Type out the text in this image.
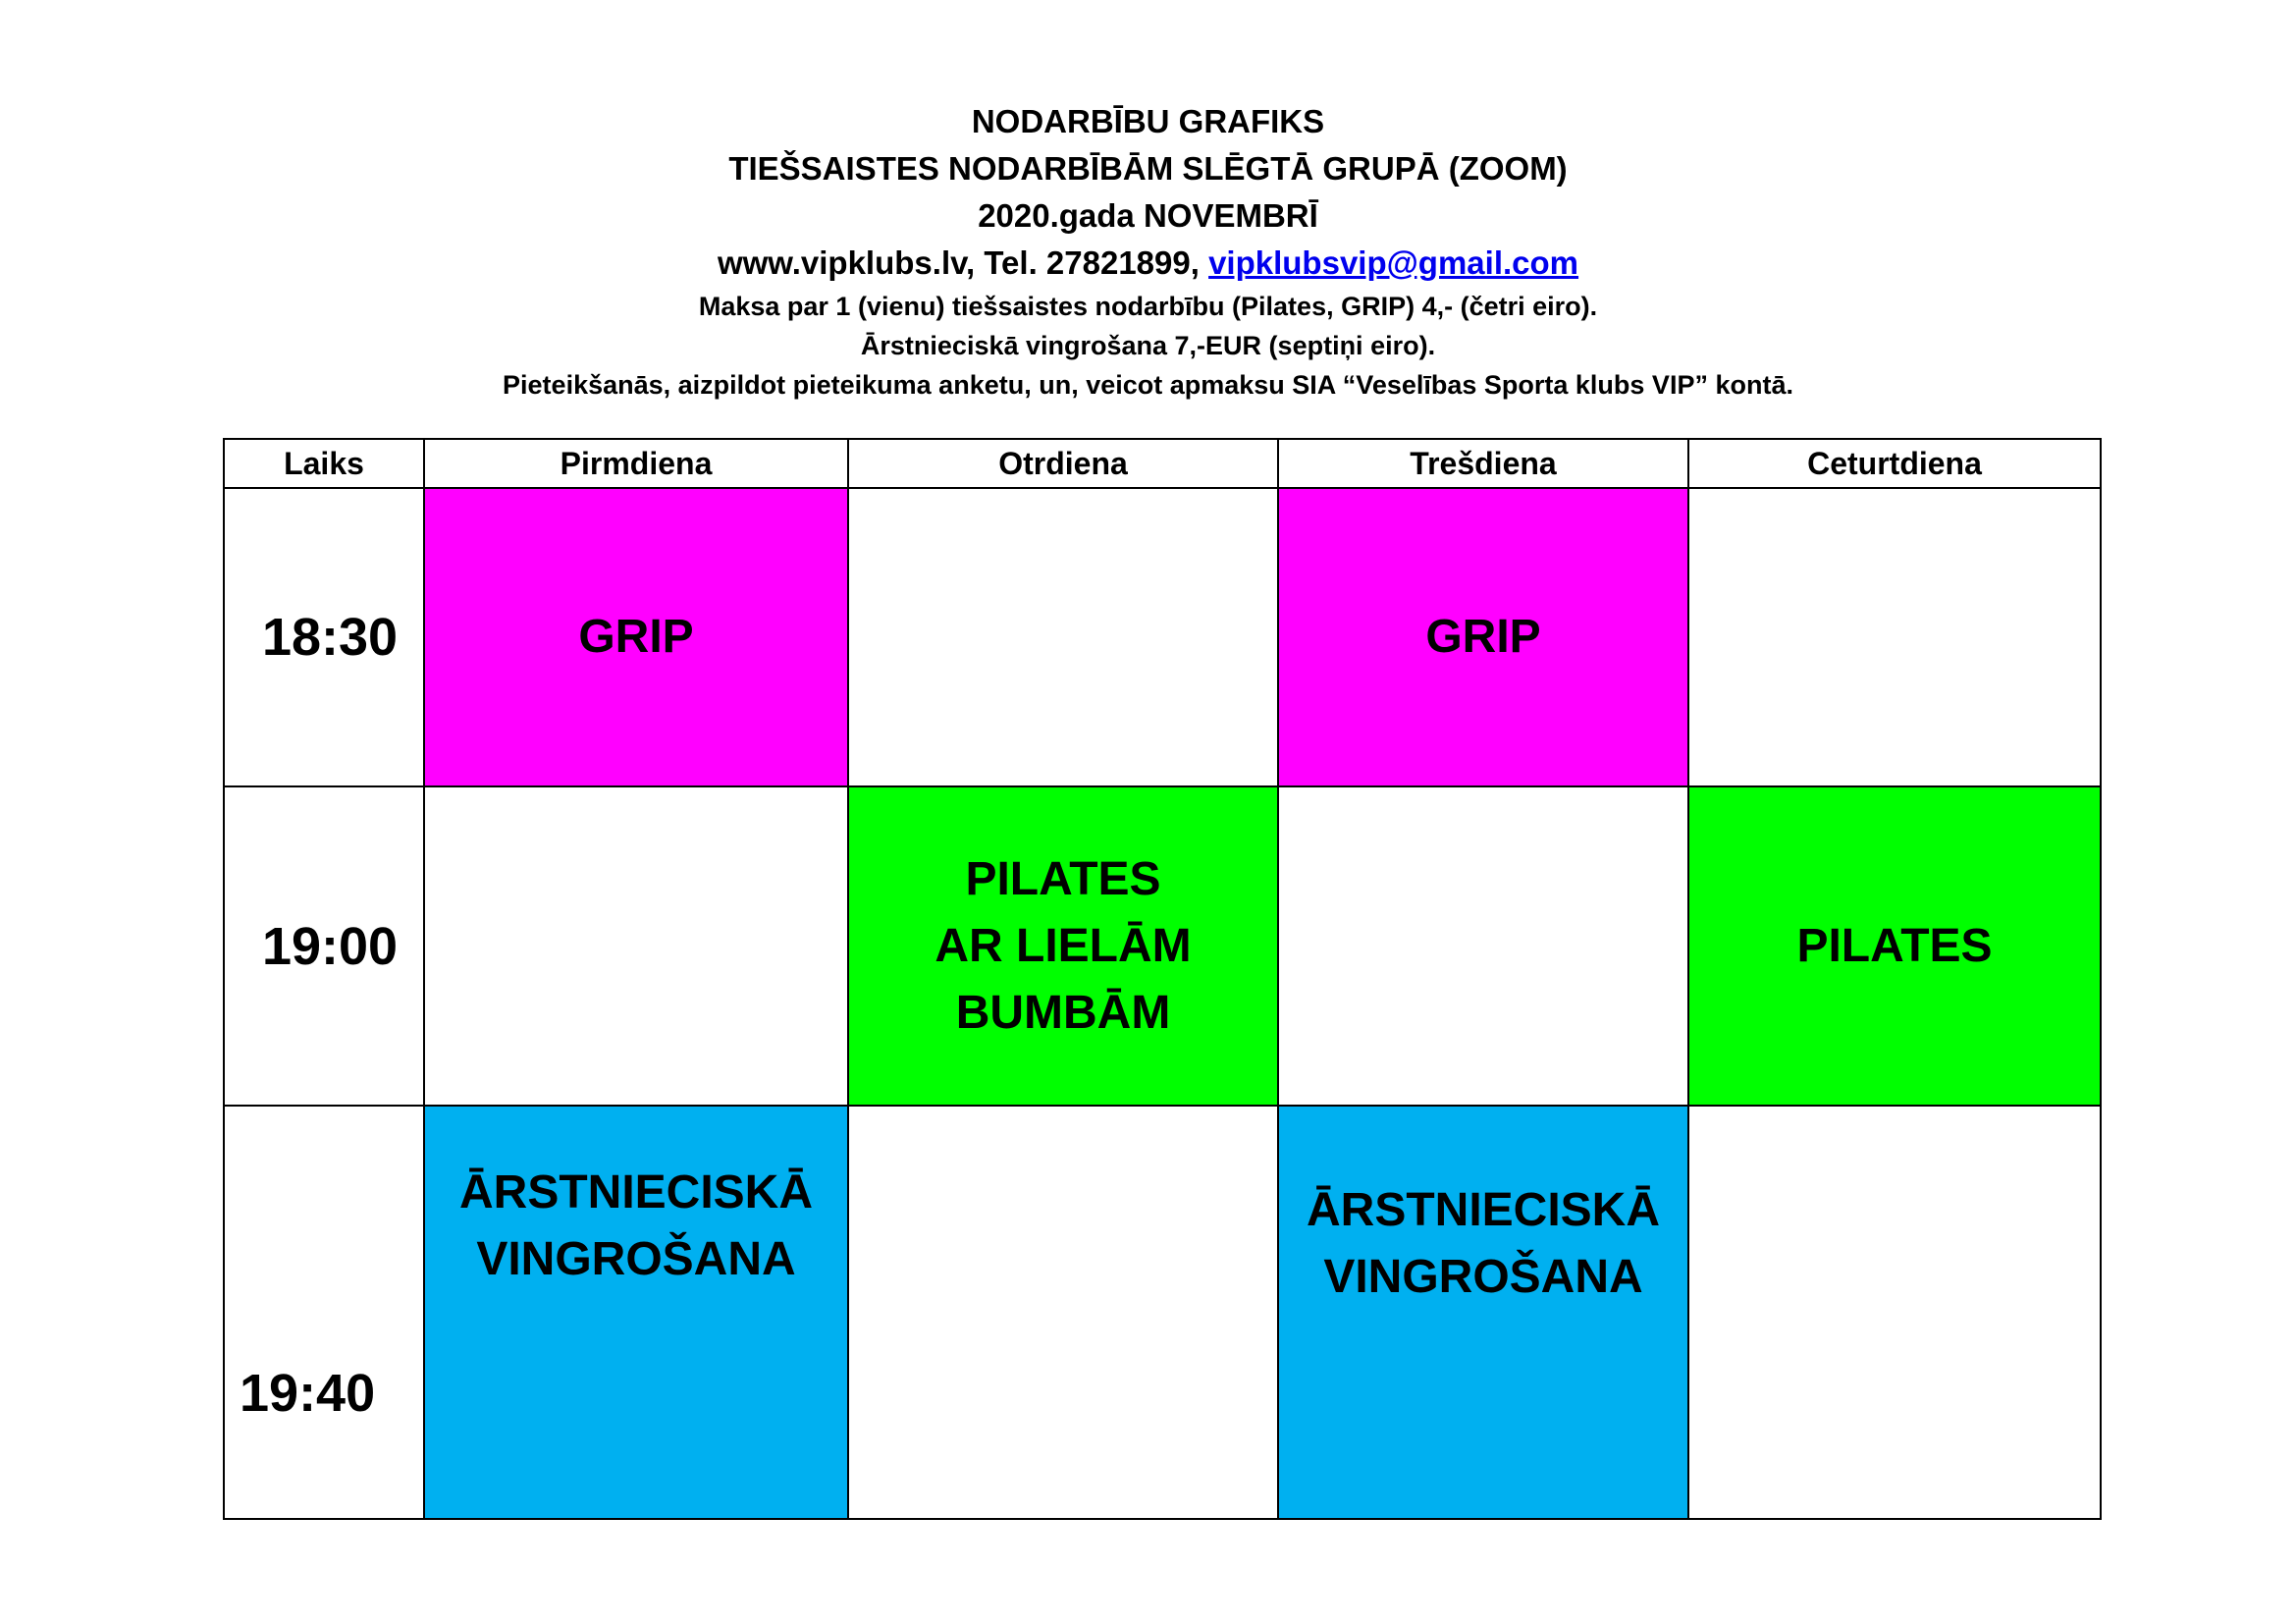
NODARBĪBU GRAFIKS
TIEŠSAISTES NODARBĪBĀM SLĒGTĀ GRUPĀ (ZOOM)
2020.gada NOVEMBRĪ
www.vipklubs.lv, Tel. 27821899, vipklubsvip@gmail.com
Maksa par 1 (vienu) tiešsaistes nodarbību (Pilates, GRIP) 4,- (četri eiro).
Ārstnieciskā vingrošana 7,-EUR (septiņi eiro).
Pieteikšanās, aizpildot pieteikuma anketu, un, veicot apmaksu SIA “Veselības Sporta klubs VIP” kontā.
Laiks	Pirmdiena	Otrdiena	Trešdiena	Ceturtdiena
18:30	GRIP		GRIP	
19:00		PILATES
AR LIELĀM
BUMBĀM		PILATES
19:40	ĀRSTNIECISKĀ
VINGROŠANA		ĀRSTNIECISKĀ
VINGROŠANA	
